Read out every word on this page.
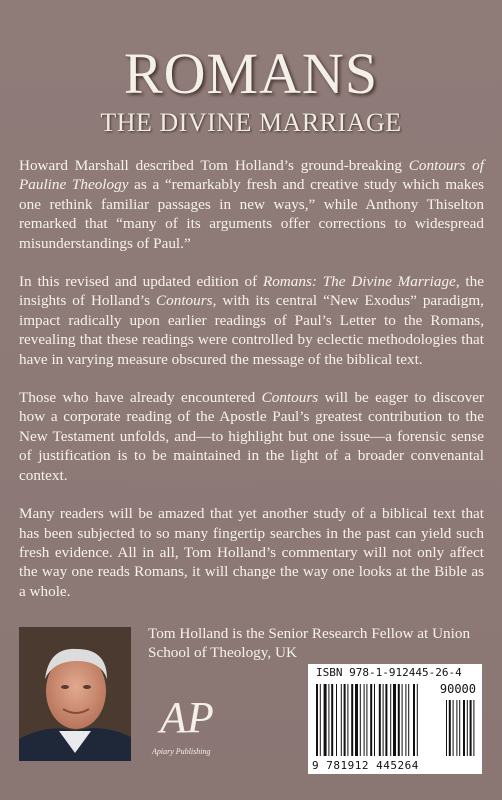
ROMANS
THE DIVINE MARRIAGE

Howard Marshall described Tom Holland’s ground-breaking Contours of Pauline Theology as a “remarkably fresh and creative study which makes one rethink familiar passages in new ways,” while Anthony Thiselton remarked that “many of its arguments offer corrections to widespread misunderstandings of Paul.”

In this revised and updated edition of Romans: The Divine Marriage, the insights of Holland’s Contours, with its central “New Exodus” paradigm, impact radically upon earlier readings of Paul’s Letter to the Romans, revealing that these readings were controlled by eclectic methodologies that have in varying measure obscured the message of the biblical text.

Those who have already encountered Contours will be eager to discover how a corporate reading of the Apostle Paul’s greatest contribution to the New Testament unfolds, and—to highlight but one issue—a forensic sense of justification is to be maintained in the light of a broader convenantal context.

Many readers will be amazed that yet another study of a biblical text that has been subjected to so many fingertip searches in the past can yield such fresh evidence. All in all, Tom Holland’s commentary will not only affect the way one reads Romans, it will change the way one looks at the Bible as a whole.

Tom Holland is the Senior Research Fellow at Union School of Theology, UK
AP
Apiary Publishing
ISBN 978-1-912445-26-4
90000
9 781912 445264
